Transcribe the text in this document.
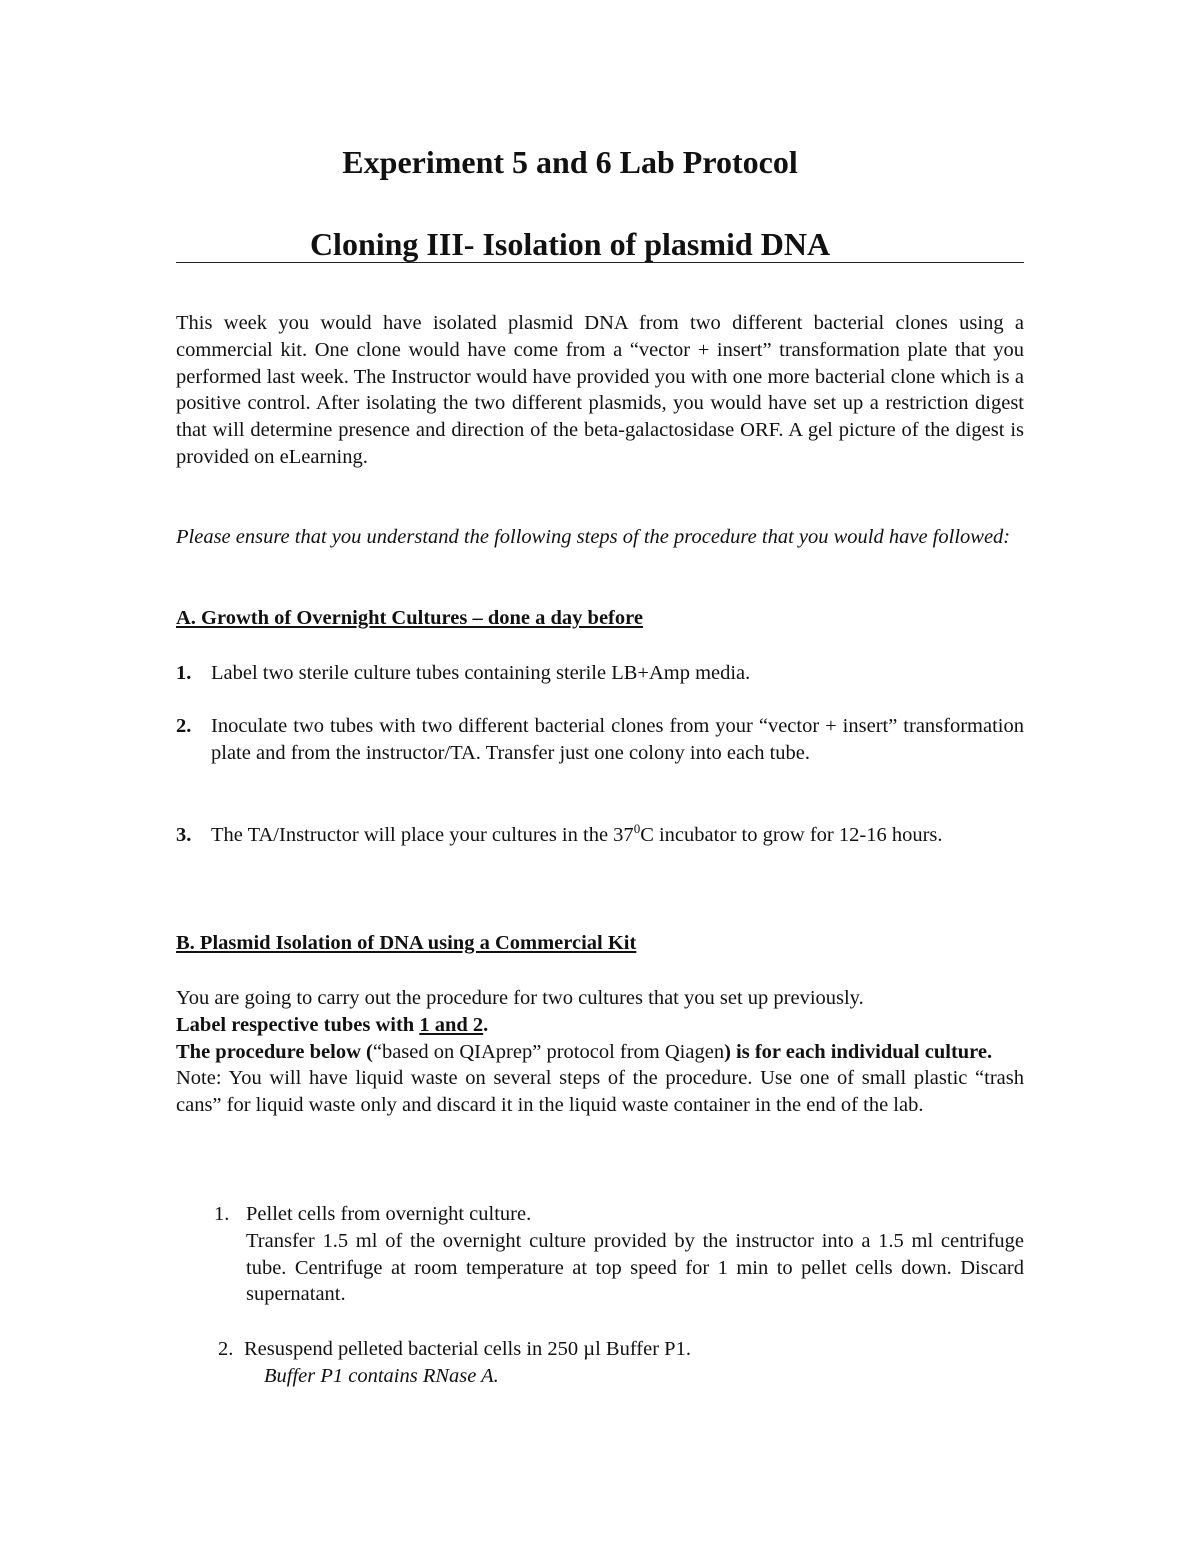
Experiment 5 and 6 Lab Protocol
Cloning III- Isolation of plasmid DNA
This week you would have isolated plasmid DNA from two different bacterial clones using a commercial kit. One clone would have come from a “vector + insert” transformation plate that you performed last week. The Instructor would have provided you with one more bacterial clone which is a positive control. After isolating the two different plasmids, you would have set up a restriction digest that will determine presence and direction of the beta-galactosidase ORF. A gel picture of the digest is provided on eLearning.
Please ensure that you understand the following steps of the procedure that you would have followed:
A. Growth of Overnight Cultures – done a day before
1. Label two sterile culture tubes containing sterile LB+Amp media.
2. Inoculate two tubes with two different bacterial clones from your “vector + insert” transformation plate and from the instructor/TA. Transfer just one colony into each tube.
3. The TA/Instructor will place your cultures in the $37^0C$ incubator to grow for 12-16 hours.
B. Plasmid Isolation of DNA using a Commercial Kit
You are going to carry out the procedure for two cultures that you set up previously.
Label respective tubes with 1 and 2.
The procedure below (“based on QIAprep” protocol from Qiagen) is for each individual culture.
Note: You will have liquid waste on several steps of the procedure. Use one of small plastic “trash cans” for liquid waste only and discard it in the liquid waste container in the end of the lab.
1. Pellet cells from overnight culture.
Transfer 1.5 ml of the overnight culture provided by the instructor into a 1.5 ml centrifuge tube. Centrifuge at room temperature at top speed for 1 min to pellet cells down. Discard supernatant.
2. Resuspend pelleted bacterial cells in 250 µl Buffer P1.
Buffer P1 contains RNase A.
